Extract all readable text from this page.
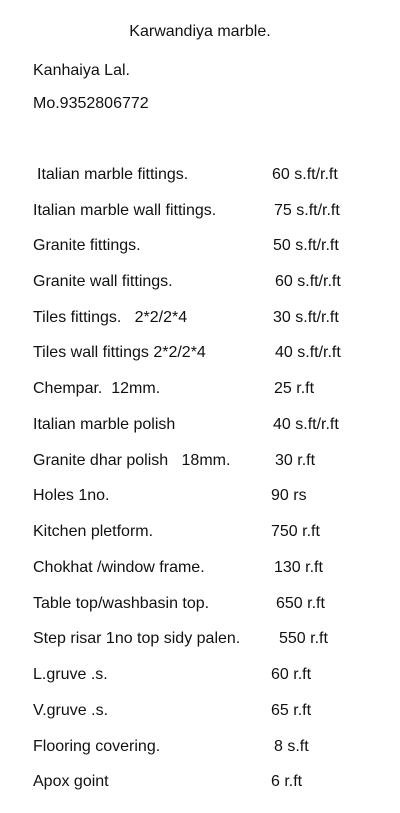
Karwandiya marble.
Kanhaiya Lal.
Mo.9352806772
Italian marble fittings.	60 s.ft/r.ft
Italian marble wall fittings.	75 s.ft/r.ft
Granite fittings.	50 s.ft/r.ft
Granite wall fittings.	60 s.ft/r.ft
Tiles fittings.   2*2/2*4	30 s.ft/r.ft
Tiles wall fittings 2*2/2*4	40 s.ft/r.ft
Chempar.  12mm.	25 r.ft
Italian marble polish	40 s.ft/r.ft
Granite dhar polish   18mm.	30 r.ft
Holes 1no.	90 rs
Kitchen pletform.	750 r.ft
Chokhat /window frame.	130 r.ft
Table top/washbasin top.	650 r.ft
Step risar 1no top sidy palen. 550 r.ft
L.gruve .s.	60 r.ft
V.gruve .s.	65 r.ft
Flooring covering.	8 s.ft
Apox goint	6 r.ft
